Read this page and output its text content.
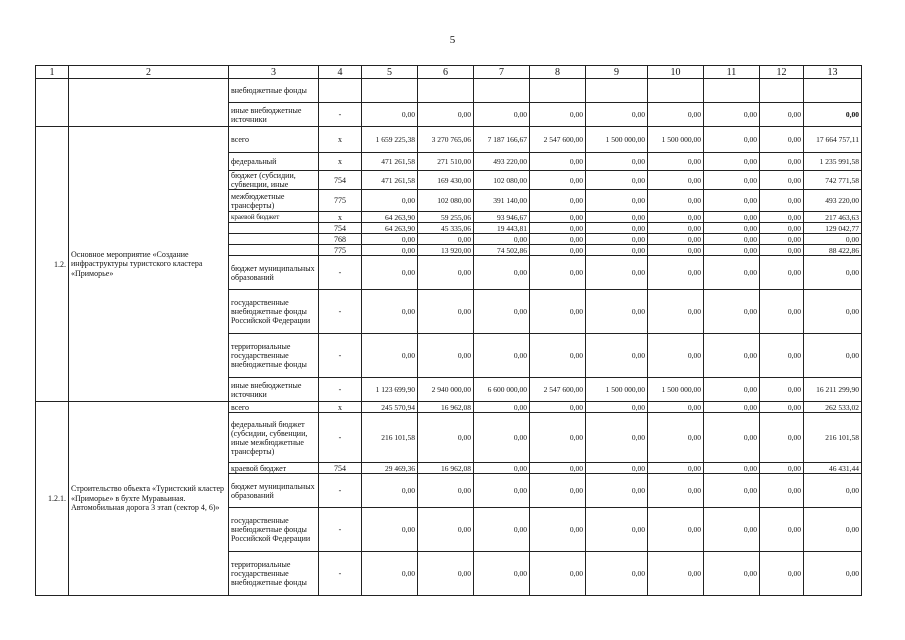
5
1	2	3	4	5	6	7	8	9	10	11	12	13
		внебюджетные фонды										
		иные внебюджетные источники	-	0,00	0,00	0,00	0,00	0,00	0,00	0,00	0,00	0,00
1.2.	Основное мероприятие «Создание инфраструктуры туристского кластера «Приморье»	всего	х	1 659 225,38	3 270 765,06	7 187 166,67	2 547 600,00	1 500 000,00	1 500 000,00	0,00	0,00	17 664 757,11
		федеральный	х	471 261,58	271 510,00	493 220,00	0,00	0,00	0,00	0,00	0,00	1 235 991,58
		бюджет (субсидии, субвенции, иные	754	471 261,58	169 430,00	102 080,00	0,00	0,00	0,00	0,00	0,00	742 771,58
		межбюджетные трансферты)	775	0,00	102 080,00	391 140,00	0,00	0,00	0,00	0,00	0,00	493 220,00
		краевой бюджет	х	64 263,90	59 255,06	93 946,67	0,00	0,00	0,00	0,00	0,00	217 463,63
			754	64 263,90	45 335,06	19 443,81	0,00	0,00	0,00	0,00	0,00	129 042,77
			768	0,00	0,00	0,00	0,00	0,00	0,00	0,00	0,00	0,00
			775	0,00	13 920,00	74 502,86	0,00	0,00	0,00	0,00	0,00	88 422,86
		бюджет муниципальных образований	-	0,00	0,00	0,00	0,00	0,00	0,00	0,00	0,00	0,00
		государственные внебюджетные фонды Российской Федерации	-	0,00	0,00	0,00	0,00	0,00	0,00	0,00	0,00	0,00
		территориальные государственные внебюджетные фонды	-	0,00	0,00	0,00	0,00	0,00	0,00	0,00	0,00	0,00
		иные внебюджетные источники	-	1 123 699,90	2 940 000,00	6 600 000,00	2 547 600,00	1 500 000,00	1 500 000,00	0,00	0,00	16 211 299,90
1.2.1.	Строительство объекта «Туристский кластер «Приморье» в бухте Муравьиная. Автомобильная дорога 3 этап (сектор 4, 6)»	всего	х	245 570,94	16 962,08	0,00	0,00	0,00	0,00	0,00	0,00	262 533,02
		федеральный бюджет (субсидии, субвенции, иные межбюджетные трансферты)	-	216 101,58	0,00	0,00	0,00	0,00	0,00	0,00	0,00	216 101,58
		краевой бюджет	754	29 469,36	16 962,08	0,00	0,00	0,00	0,00	0,00	0,00	46 431,44
		бюджет муниципальных образований	-	0,00	0,00	0,00	0,00	0,00	0,00	0,00	0,00	0,00
		государственные внебюджетные фонды Российской Федерации	-	0,00	0,00	0,00	0,00	0,00	0,00	0,00	0,00	0,00
		территориальные государственные внебюджетные фонды	-	0,00	0,00	0,00	0,00	0,00	0,00	0,00	0,00	0,00
